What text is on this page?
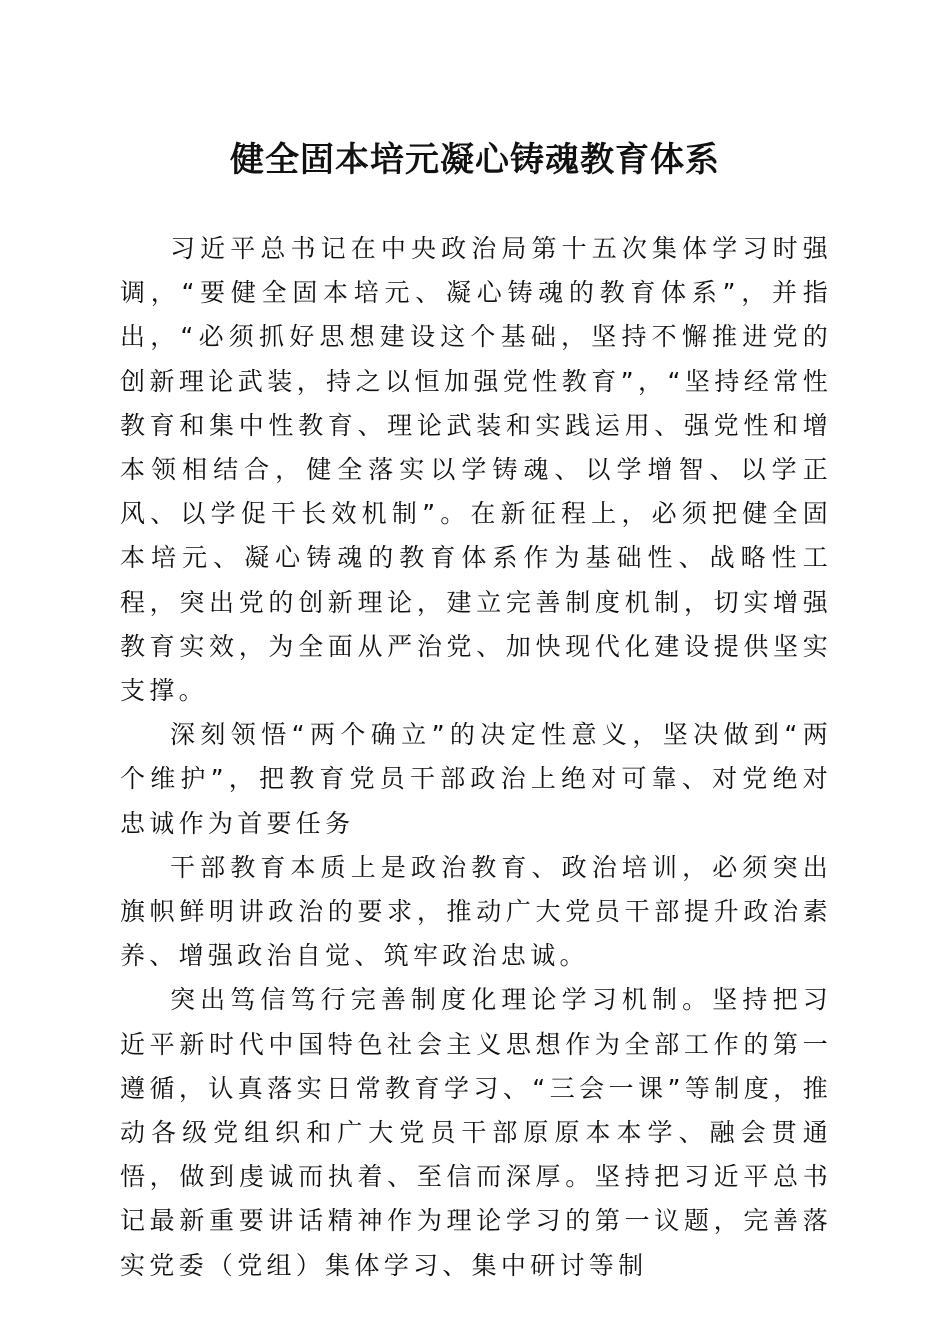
健全固本培元凝心铸魂教育体系

习近平总书记在中央政治局第十五次集体学习时强调，“要健全固本培元、凝心铸魂的教育体系”，并指出，“必须抓好思想建设这个基础，坚持不懈推进党的创新理论武装，持之以恒加强党性教育”，“坚持经常性教育和集中性教育、理论武装和实践运用、强党性和增本领相结合，健全落实以学铸魂、以学增智、以学正风、以学促干长效机制”。在新征程上，必须把健全固本培元、凝心铸魂的教育体系作为基础性、战略性工程，突出党的创新理论，建立完善制度机制，切实增强教育实效，为全面从严治党、加快现代化建设提供坚实支撑。

深刻领悟“两个确立”的决定性意义，坚决做到“两个维护”，把教育党员干部政治上绝对可靠、对党绝对忠诚作为首要任务

干部教育本质上是政治教育、政治培训，必须突出旗帜鲜明讲政治的要求，推动广大党员干部提升政治素养、增强政治自觉、筑牢政治忠诚。

突出笃信笃行完善制度化理论学习机制。坚持把习近平新时代中国特色社会主义思想作为全部工作的第一遵循，认真落实日常教育学习、“三会一课”等制度，推动各级党组织和广大党员干部原原本本学、融会贯通悟，做到虔诚而执着、至信而深厚。坚持把习近平总书记最新重要讲话精神作为理论学习的第一议题，完善落实党委（党组）集体学习、集中研讨等制
